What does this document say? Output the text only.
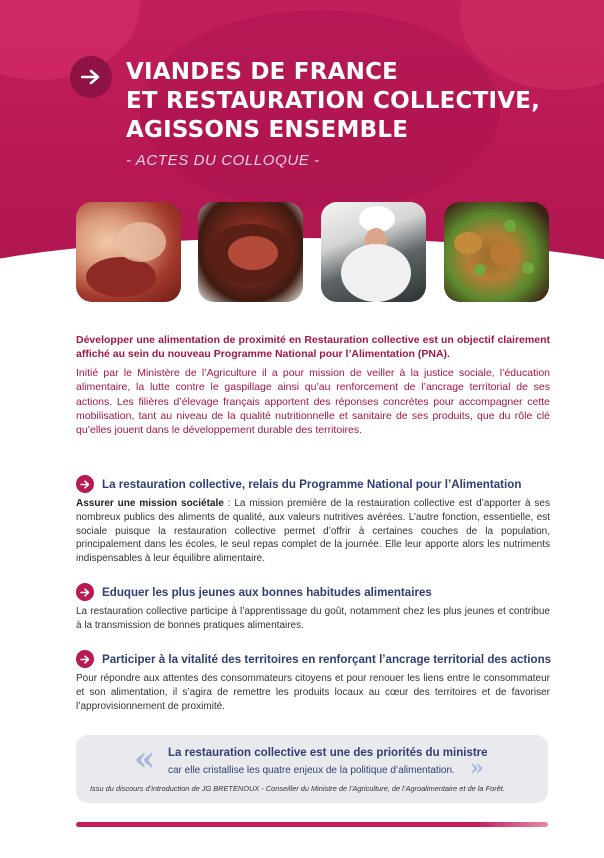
VIANDES DE FRANCE
ET RESTAURATION COLLECTIVE,
AGISSONS ENSEMBLE
- ACTES DU COLLOQUE -

Développer une alimentation de proximité en Restauration collective est un objectif clairement affiché au sein du nouveau Programme National pour l’Alimentation (PNA).

Initié par le Ministère de l’Agriculture il a pour mission de veiller à la justice sociale, l’éducation alimentaire, la lutte contre le gaspillage ainsi qu’au renforcement de l’ancrage territorial de ses actions. Les filières d’élevage français apportent des réponses concrètes pour accompagner cette mobilisation, tant au niveau de la qualité nutritionnelle et sanitaire de ses produits, que du rôle clé qu’elles jouent dans le développement durable des territoires.

La restauration collective, relais du Programme National pour l’Alimentation

Assurer une mission sociétale : La mission première de la restauration collective est d’apporter à ses nombreux publics des aliments de qualité, aux valeurs nutritives avérées. L’autre fonction, essentielle, est sociale puisque la restauration collective permet d’offrir à certaines couches de la population, principalement dans les écoles, le seul repas complet de la journée. Elle leur apporte alors les nutriments indispensables à leur équilibre alimentaire.

Eduquer les plus jeunes aux bonnes habitudes alimentaires

La restauration collective participe à l’apprentissage du goût, notamment chez les plus jeunes et contribue à la transmission de bonnes pratiques alimentaires.

Participer à la vitalité des territoires en renforçant l’ancrage territorial des actions

Pour répondre aux attentes des consommateurs citoyens et pour renouer les liens entre le consommateur et son alimentation, il s’agira de remettre les produits locaux au cœur des territoires et de favoriser l’approvisionnement de proximité.

« La restauration collective est une des priorités du ministre
car elle cristallise les quatre enjeux de la politique d’alimentation. »
Issu du discours d’introduction de JG BRETENOUX - Conseiller du Ministre de l’Agriculture, de l’Agroalimentaire et de la Forêt.
